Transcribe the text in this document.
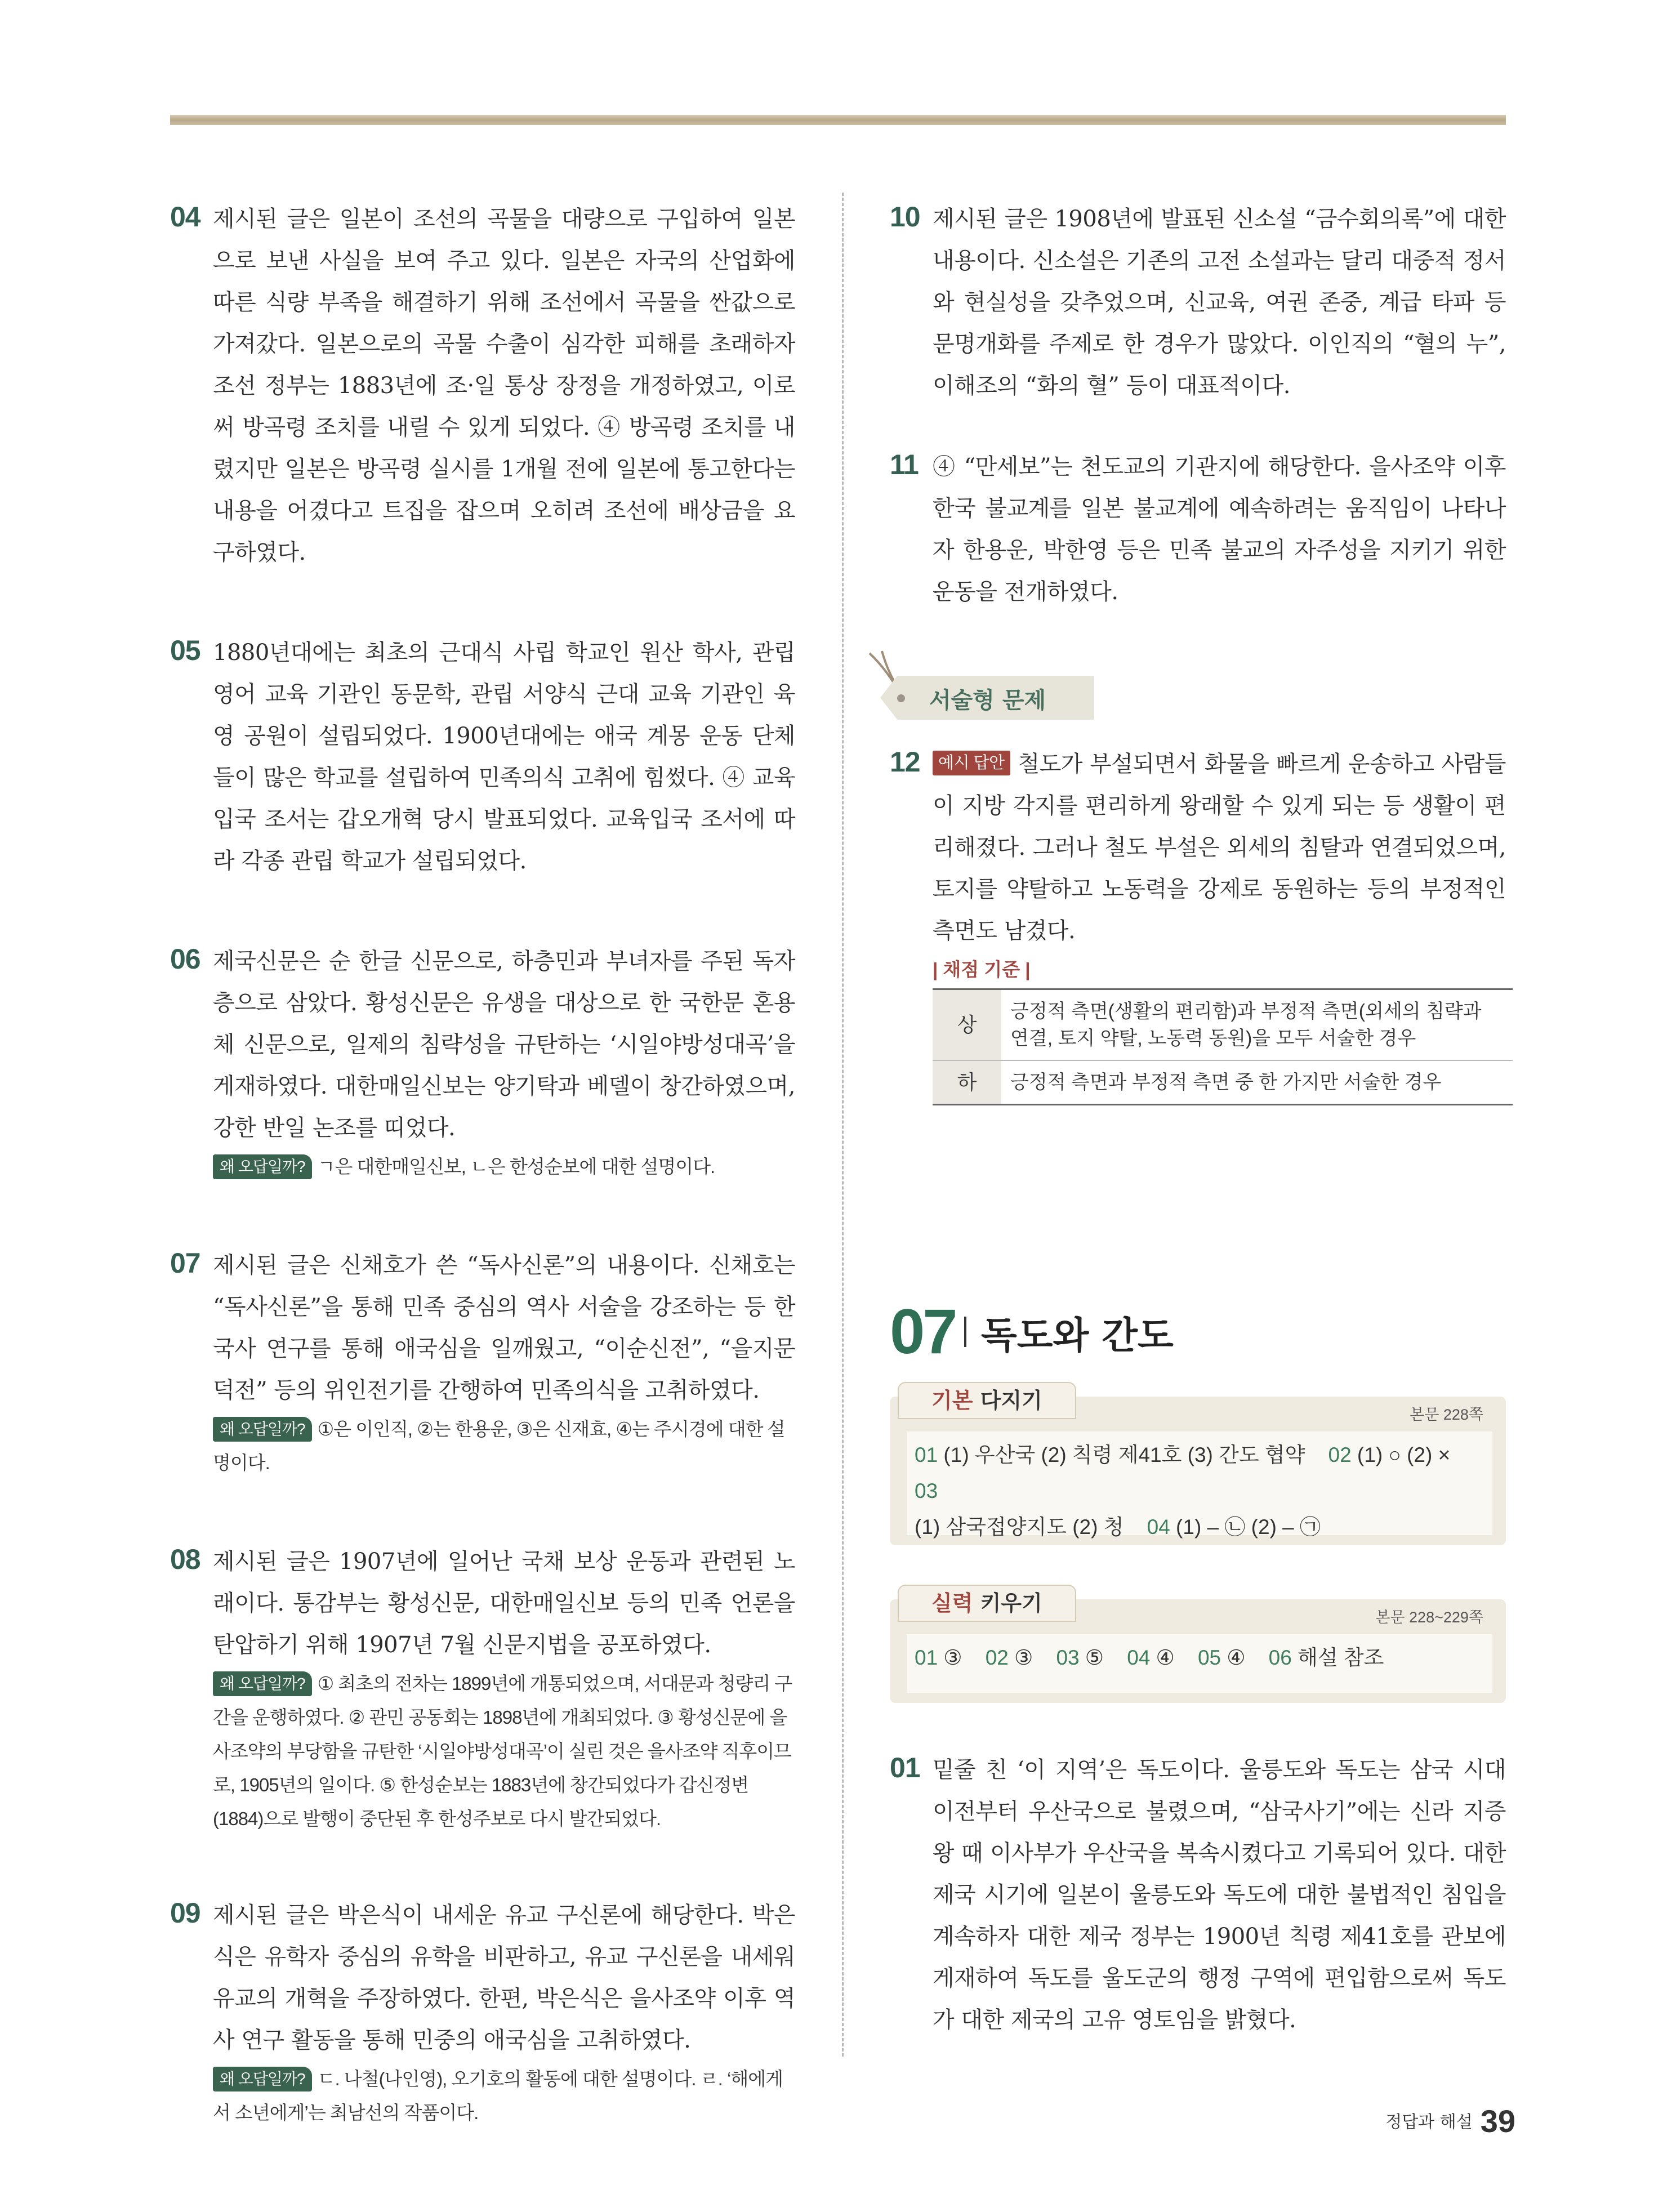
04 제시된 글은 일본이 조선의 곡물을 대량으로 구입하여 일본으로 보낸 사실을 보여 주고 있다. 일본은 자국의 산업화에 따른 식량 부족을 해결하기 위해 조선에서 곡물을 싼값으로 가져갔다. 일본으로의 곡물 수출이 심각한 피해를 초래하자 조선 정부는 1883년에 조·일 통상 장정을 개정하였고, 이로써 방곡령 조치를 내릴 수 있게 되었다. ④ 방곡령 조치를 내렸지만 일본은 방곡령 실시를 1개월 전에 일본에 통고한다는 내용을 어겼다고 트집을 잡으며 오히려 조선에 배상금을 요구하였다.

05 1880년대에는 최초의 근대식 사립 학교인 원산 학사, 관립 영어 교육 기관인 동문학, 관립 서양식 근대 교육 기관인 육영 공원이 설립되었다. 1900년대에는 애국 계몽 운동 단체들이 많은 학교를 설립하여 민족의식 고취에 힘썼다. ④ 교육입국 조서는 갑오개혁 당시 발표되었다. 교육입국 조서에 따라 각종 관립 학교가 설립되었다.

06 제국신문은 순 한글 신문으로, 하층민과 부녀자를 주된 독자층으로 삼았다. 황성신문은 유생을 대상으로 한 국한문 혼용체 신문으로, 일제의 침략성을 규탄하는 ‘시일야방성대곡’을 게재하였다. 대한매일신보는 양기탁과 베델이 창간하였으며, 강한 반일 논조를 띠었다.

왜 오답일까? ㄱ은 대한매일신보, ㄴ은 한성순보에 대한 설명이다.
07 제시된 글은 신채호가 쓴 “독사신론”의 내용이다. 신채호는 “독사신론”을 통해 민족 중심의 역사 서술을 강조하는 등 한국사 연구를 통해 애국심을 일깨웠고, “이순신전”, “을지문덕전” 등의 위인전기를 간행하여 민족의식을 고취하였다.

왜 오답일까? ①은 이인직, ②는 한용운, ③은 신재효, ④는 주시경에 대한 설명이다.
08 제시된 글은 1907년에 일어난 국채 보상 운동과 관련된 노래이다. 통감부는 황성신문, 대한매일신보 등의 민족 언론을 탄압하기 위해 1907년 7월 신문지법을 공포하였다.

왜 오답일까? ① 최초의 전차는 1899년에 개통되었으며, 서대문과 청량리 구간을 운행하였다. ② 관민 공동회는 1898년에 개최되었다. ③ 황성신문에 을사조약의 부당함을 규탄한 ‘시일야방성대곡’이 실린 것은 을사조약 직후이므로, 1905년의 일이다. ⑤ 한성순보는 1883년에 창간되었다가 갑신정변(1884)으로 발행이 중단된 후 한성주보로 다시 발간되었다.
09 제시된 글은 박은식이 내세운 유교 구신론에 해당한다. 박은식은 유학자 중심의 유학을 비판하고, 유교 구신론을 내세워 유교의 개혁을 주장하였다. 한편, 박은식은 을사조약 이후 역사 연구 활동을 통해 민중의 애국심을 고취하였다.

왜 오답일까? ㄷ. 나철(나인영), 오기호의 활동에 대한 설명이다. ㄹ. ‘해에게서 소년에게’는 최남선의 작품이다.
10 제시된 글은 1908년에 발표된 신소설 “금수회의록”에 대한 내용이다. 신소설은 기존의 고전 소설과는 달리 대중적 정서와 현실성을 갖추었으며, 신교육, 여권 존중, 계급 타파 등 문명개화를 주제로 한 경우가 많았다. 이인직의 “혈의 누”, 이해조의 “화의 혈” 등이 대표적이다.

11 ④ “만세보”는 천도교의 기관지에 해당한다. 을사조약 이후 한국 불교계를 일본 불교계에 예속하려는 움직임이 나타나자 한용운, 박한영 등은 민족 불교의 자주성을 지키기 위한 운동을 전개하였다.

서술형 문제
12	예시 답안 철도가 부설되면서 화물을 빠르게 운송하고 사람들이 지방 각지를 편리하게 왕래할 수 있게 되는 등 생활이 편리해졌다. 그러나 철도 부설은 외세의 침탈과 연결되었으며, 토지를 약탈하고 노동력을 강제로 동원하는 등의 부정적인 측면도 남겼다.

| 채점 기준 |
상	긍정적 측면(생활의 편리함)과 부정적 측면(외세의 침략과 연결, 토지 약탈, 노동력 동원)을 모두 서술한 경우
하	긍정적 측면과 부정적 측면 중 한 가지만 서술한 경우
07 독도와 간도
기본 다지기
본문 228쪽
01 (1) 우산국 (2) 칙령 제41호 (3) 간도 협약 02 (1) ○ (2) ×    03
(1) 삼국접양지도 (2) 청 04 (1) – ㉡ (2) – ㉠
실력 키우기
본문 228~229쪽
01 ③ 02 ③ 03 ⑤ 04 ④ 05 ④ 06 해설 참조
01 밑줄 친 ‘이 지역’은 독도이다. 울릉도와 독도는 삼국 시대 이전부터 우산국으로 불렸으며, “삼국사기”에는 신라 지증왕 때 이사부가 우산국을 복속시켰다고 기록되어 있다. 대한 제국 시기에 일본이 울릉도와 독도에 대한 불법적인 침입을 계속하자 대한 제국 정부는 1900년 칙령 제41호를 관보에 게재하여 독도를 울도군의 행정 구역에 편입함으로써 독도가 대한 제국의 고유 영토임을 밝혔다.

정답과 해설 39
